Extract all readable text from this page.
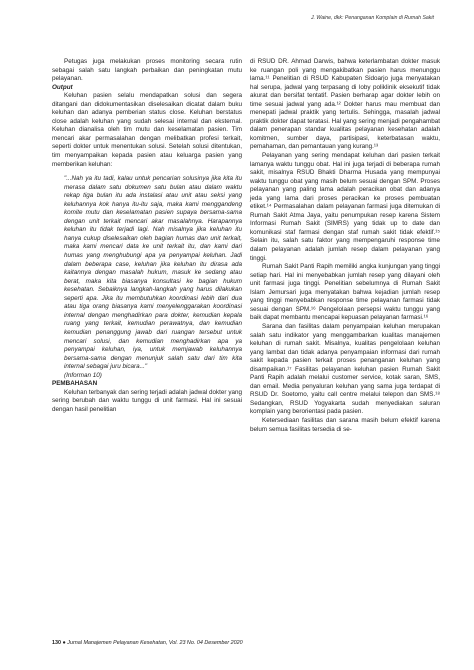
J. Waine, dkk: Penanganan Komplain di Rumah Sakit

Petugas juga melakukan proses monitoring secara rutin sebagai salah satu langkah perbaikan dan peningkatan mutu pelayanan.

Output

Keluhan pasien selalu mendapatkan solusi dan segera ditangani dan didokumentasikan diselesaikan dicatat dalam buku keluhan dan adanya pemberian status close. Keluhan berstatus close adalah keluhan yang sudah selesai internal dan eksternal. Keluhan dianalisa oleh tim mutu dan keselamatan pasien. Tim mencari akar permasalahan dengan melibatkan profesi terkait, seperti dokter untuk menentukan solusi. Setelah solusi ditentukan, tim menyampaikan kepada pasien atau keluarga pasien yang memberikan keluhan:

"...Nah ya itu tadi, kalau untuk pencarian solusinya jika kita itu merasa dalam satu dokumen satu bulan atau dalam waktu rekap tiga bulan itu ada instalasi atau unit atau seksi yang keluhannya kok hanya itu-itu saja, maka kami menggandeng komite mutu dan keselamatan pasien supaya bersama-sama dengan unit terkait mencari akar masalahnya. Harapannya keluhan itu tidak terjadi lagi. Nah misalnya jika keluhan itu hanya cukup diselesaikan oleh bagian humas dan unit terkait, maka kami mencari data ke unit terkait itu, dan kami dari humas yang menghubungi apa ya penyampai keluhan. Jadi dalam beberapa case, keluhan jika keluhan itu dirasa ada kaitannya dengan masalah hukum, masuk ke sedang atau berat, maka kita biasanya konsultasi ke bagian hukum kesehatan. Sebaiknya langkah-langkah yang harus dilakukan seperti apa. Jika itu membutuhkan koordinasi lebih dari dua atau tiga orang biasanya kami menyelenggarakan koordinasi internal dengan menghadirkan para dokter, kemudian kepala ruang yang terkait, kemudian perawatnya, dan kemudian kemudian penanggung jawab dari ruangan tersebut untuk mencari solusi, dan kemudian menghadirkan apa ya penyampai keluhan, iya, untuk memjawab keluhannya bersama-sama dengan menunjuk salah satu dari tim kita internal sebagai juru bicara..."
(Informan 10)

PEMBAHASAN

Keluhan terbanyak dan sering terjadi adalah jadwal dokter yang sering berubah dan waktu tunggu di unit farmasi. Hal ini sesuai dengan hasil penelitian

di RSUD DR. Ahmad Darwis, bahwa keterlambatan dokter masuk ke ruangan poli yang mengakibatkan pasien harus menunggu lama.¹¹ Penelitian di RSUD Kabupaten Sidoarjo juga menyatakan hal serupa, jadwal yang terpasang di loby poliklinik eksekutif tidak akurat dan bersifat tentatif. Pasien berharap agar dokter lebih on time sesuai jadwal yang ada.¹² Dokter harus mau membuat dan menepati jadwal praktik yang tertulis. Sehingga, masalah jadwal praktik dokter dapat teratasi. Hal yang sering menjadi pengahambat dalam penerapan standar kualitas pelayanan kesehatan adalah komitmen, sumber daya, partisipasi, keterbatasan waktu, pemahaman, dan pemantauan yang kurang.¹³

Pelayanan yang sering mendapat keluhan dari pasien terkait lamanya waktu tunggu obat. Hal ini juga terjadi di beberapa rumah sakit, misalnya RSUD Bhakti Dharma Husada yang mempunyai waktu tunggu obat yang masih belum sesuai dengan SPM. Proses pelayanan yang paling lama adalah peracikan obat dan adanya jeda yang lama dari proses peracikan ke proses pembuatan etiket.¹⁴ Permasalahan dalam pelayanan farmasi juga ditemukan di Rumah Sakit Atma Jaya, yaitu penumpukan resep karena Sistem Informasi Rumah Sakit (SIMRS) yang tidak up to date dan komunikasi staf farmasi dengan staf rumah sakit tidak efektif.¹⁵ Selain itu, salah satu faktor yang mempengaruhi response time dalam pelayanan adalah jumlah resep dalam pelayanan yang tinggi.

Rumah Sakit Panti Rapih memiliki angka kunjungan yang tinggi setiap hari. Hal ini menyebabkan jumlah resep yang dilayani oleh unit farmasi juga tinggi. Penelitian sebelumnya di Rumah Sakit Islam Jemursari juga menyatakan bahwa kejadian jumlah resep yang tinggi menyebabkan response time pelayanan farmasi tidak sesuai dengan SPM.¹⁶ Pengelolaan persepsi waktu tunggu yang baik dapat membantu mencapai kepuasan pelayanan farmasi.¹⁶

Sarana dan fasilitas dalam penyampaian keluhan merupakan salah satu indikator yang menggambarkan kualitas manajemen keluhan di rumah sakit. Misalnya, kualitas pengelolaan keluhan yang lambat dan tidak adanya penyampaian informasi dari rumah sakit kepada pasien terkait proses penanganan keluhan yang disampaikan.¹⁷ Fasilitas pelayanan keluhan pasien Rumah Sakit Panti Rapih adalah melalui customer service, kotak saran, SMS, dan email. Media penyaluran keluhan yang sama juga terdapat di RSUD Dr. Soetomo, yaitu call centre melalui telepon dan SMS.¹⁸ Sedangkan, RSUD Yogyakarta sudah menyediakan saluran komplain yang berorientasi pada pasien.

Ketersediaan fasilitas dan sarana masih belum efektif karena belum semua fasilitas tersedia di se-

130 ● Jurnal Manajemen Pelayanan Kesehatan, Vol. 23 No. 04 Desember 2020
